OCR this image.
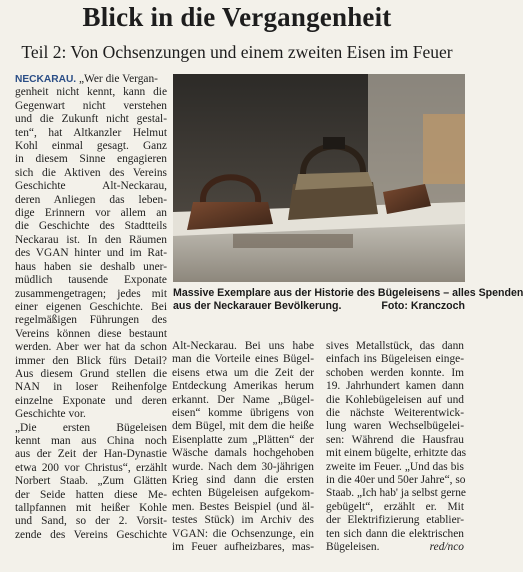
Blick in die Vergangenheit
Teil 2: Von Ochsenzungen und einem zweiten Eisen im Feuer
NECKARAU. „Wer die Vergan-
genheit nicht kennt, kann die
Gegenwart nicht verstehen
und die Zukunft nicht gestal-
ten“, hat Altkanzler Helmut
Kohl einmal gesagt. Ganz
in diesem Sinne engagieren
sich die Aktiven des Vereins
Geschichte Alt-Neckarau,
deren Anliegen das leben-
dige Erinnern vor allem an
die Geschichte des Stadtteils
Neckarau ist. In den Räumen
des VGAN hinter und im Rat-
haus haben sie deshalb uner-
müdlich tausende Exponate
zusammengetragen; jedes mit
einer eigenen Geschichte. Bei
regelmäßigen Führungen des
Vereins können diese bestaunt
werden. Aber wer hat da schon
immer den Blick fürs Detail?
Aus diesem Grund stellen die
NAN in loser Reihenfolge
einzelne Exponate und deren
Geschichte vor.
„Die ersten Bügeleisen
kennt man aus China noch
aus der Zeit der Han-Dynastie
etwa 200 vor Christus“, erzählt
Norbert Staab. „Zum Glätten
der Seide hatten diese Me-
tallpfannen mit heißer Kohle
und Sand, so der 2. Vorsit-
zende des Vereins Geschichte
Massive Exemplare aus der Historie des Bügeleisens – alles Spenden
aus der Neckarauer Bevölkerung.	Foto: Kranczoch
Alt-Neckarau. Bei uns habe
man die Vorteile eines Bügel-
eisens etwa um die Zeit der
Entdeckung Amerikas herum
erkannt. Der Name „Bügel-
eisen“ komme übrigens von
dem Bügel, mit dem die heiße
Eisenplatte zum „Plätten“ der
Wäsche damals hochgehoben
wurde. Nach dem 30-jährigen
Krieg sind dann die ersten
echten Bügeleisen aufgekom-
men. Bestes Beispiel (und äl-
testes Stück) im Archiv des
VGAN: die Ochsenzunge, ein
im Feuer aufheizbares, mas-
sives Metallstück, das dann
einfach ins Bügeleisen einge-
schoben werden konnte. Im
19. Jahrhundert kamen dann
die Kohlebügeleisen auf und
die nächste Weiterentwick-
lung waren Wechselbügelei-
sen: Während die Hausfrau
mit einem bügelte, erhitzte das
zweite im Feuer. „Und das bis
in die 40er und 50er Jahre“, so
Staab. „Ich hab' ja selbst gerne
gebügelt“, erzählt er. Mit
der Elektrifizierung etablier-
ten sich dann die elektrischen
Bügeleisen.	red/nco
